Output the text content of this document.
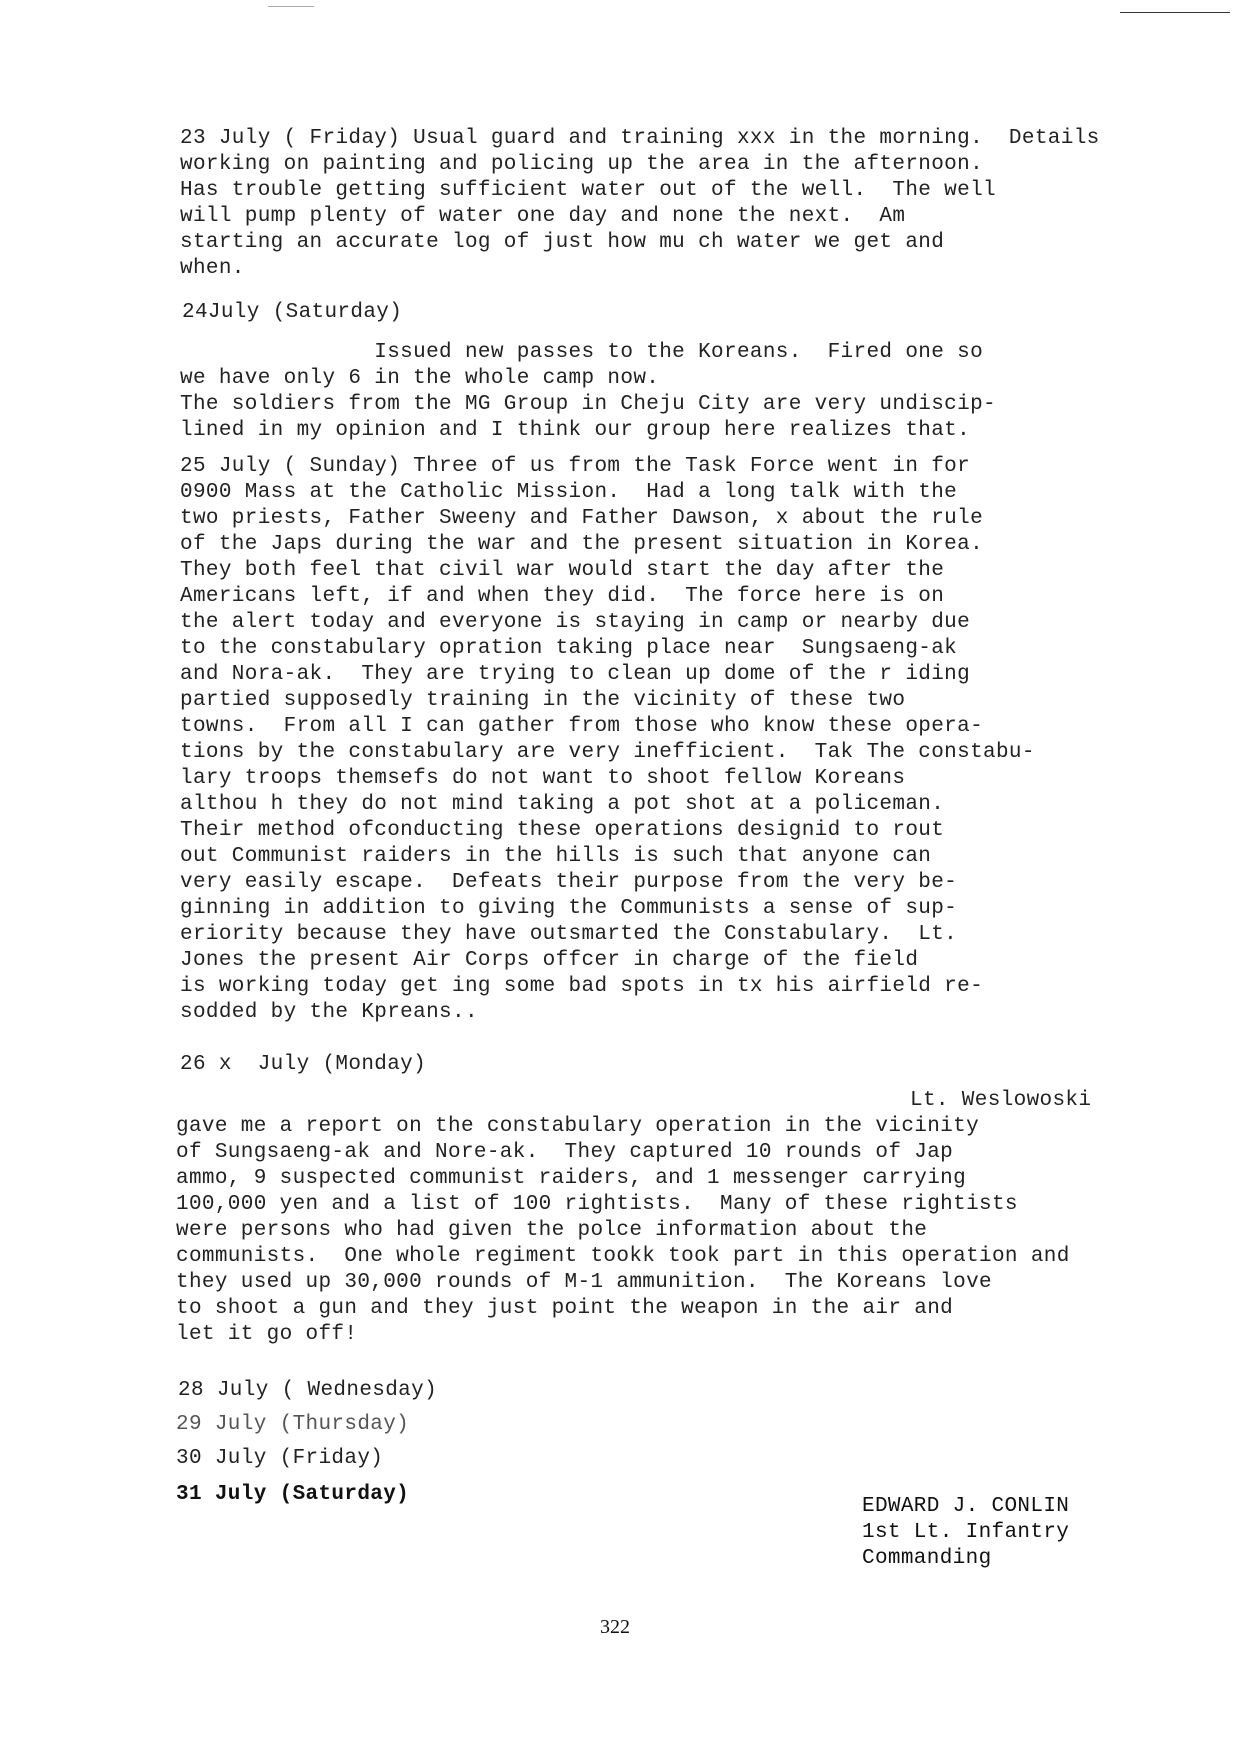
23 July ( Friday) Usual guard and training xxx in the morning.  Details
working on painting and policing up the area in the afternoon.
Has trouble getting sufficient water out of the well.  The well
will pump plenty of water one day and none the next.  Am
starting an accurate log of just how mu ch water we get and
when.
24July (Saturday)
Issued new passes to the Koreans.  Fired one so
we have only 6 in the whole camp now.
The soldiers from the MG Group in Cheju City are very undiscip-
lined in my opinion and I think our group here realizes that.
25 July ( Sunday) Three of us from the Task Force went in for
0900 Mass at the Catholic Mission.  Had a long talk with the
two priests, Father Sweeny and Father Dawson, x about the rule
of the Japs during the war and the present situation in Korea.
They both feel that civil war would start the day after the
Americans left, if and when they did.  The force here is on
the alert today and everyone is staying in camp or nearby due
to the constabulary opration taking place near  Sungsaeng-ak
and Nora-ak.  They are trying to clean up dome of the r iding
partied supposedly training in the vicinity of these two
towns.  From all I can gather from those who know these opera-
tions by the constabulary are very inefficient.  Tak The constabu-
lary troops themsefs do not want to shoot fellow Koreans
althou h they do not mind taking a pot shot at a policeman.
Their method ofconducting these operations designid to rout
out Communist raiders in the hills is such that anyone can
very easily escape.  Defeats their purpose from the very be-
ginning in addition to giving the Communists a sense of sup-
eriority because they have outsmarted the Constabulary.  Lt.
Jones the present Air Corps offcer in charge of the field
is working today get ing some bad spots in tx his airfield re-
sodded by the Kpreans..
26 x  July (Monday)
Lt. Weslowoski
gave me a report on the constabulary operation in the vicinity
of Sungsaeng-ak and Nore-ak.  They captured 10 rounds of Jap
ammo, 9 suspected communist raiders, and 1 messenger carrying
100,000 yen and a list of 100 rightists.  Many of these rightists
were persons who had given the polce information about the
communists.  One whole regiment tookk took part in this operation and
they used up 30,000 rounds of M-1 ammunition.  The Koreans love
to shoot a gun and they just point the weapon in the air and
let it go off!
28 July ( Wednesday)
29 July (Thursday)
30 July (Friday)
31 July (Saturday)
EDWARD J. CONLIN
1st Lt. Infantry
Commanding
322
